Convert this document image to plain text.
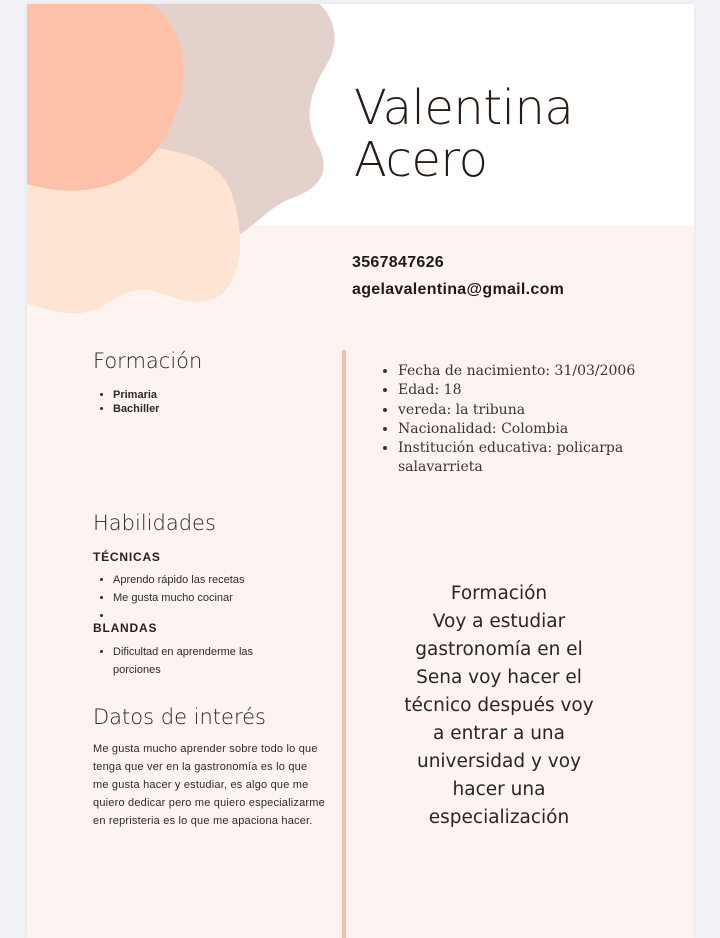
Valentina
Acero
3567847626
agelavalentina@gmail.com
Formación
• Primaria
• Bachiller
Habilidades
TÉCNICAS
• Aprendo rápido las recetas
• Me gusta mucho cocinar
•
BLANDAS
• Dificultad en aprenderme las porciones
Datos de interés
Me gusta mucho aprender sobre todo lo que tenga que ver en la gastronomía es lo que me gusta hacer y estudiar, es algo que me quiero dedicar pero me quiero especializarme en repristeria es lo que me apaciona hacer.
• Fecha de nacimiento: 31/03/2006
• Edad: 18
• vereda: la tribuna
• Nacionalidad: Colombia
• Institución educativa: policarpa salavarrieta
Formación
Voy a estudiar
gastronomía en el
Sena voy hacer el
técnico después voy
a entrar a una
universidad y voy
hacer una
especialización
